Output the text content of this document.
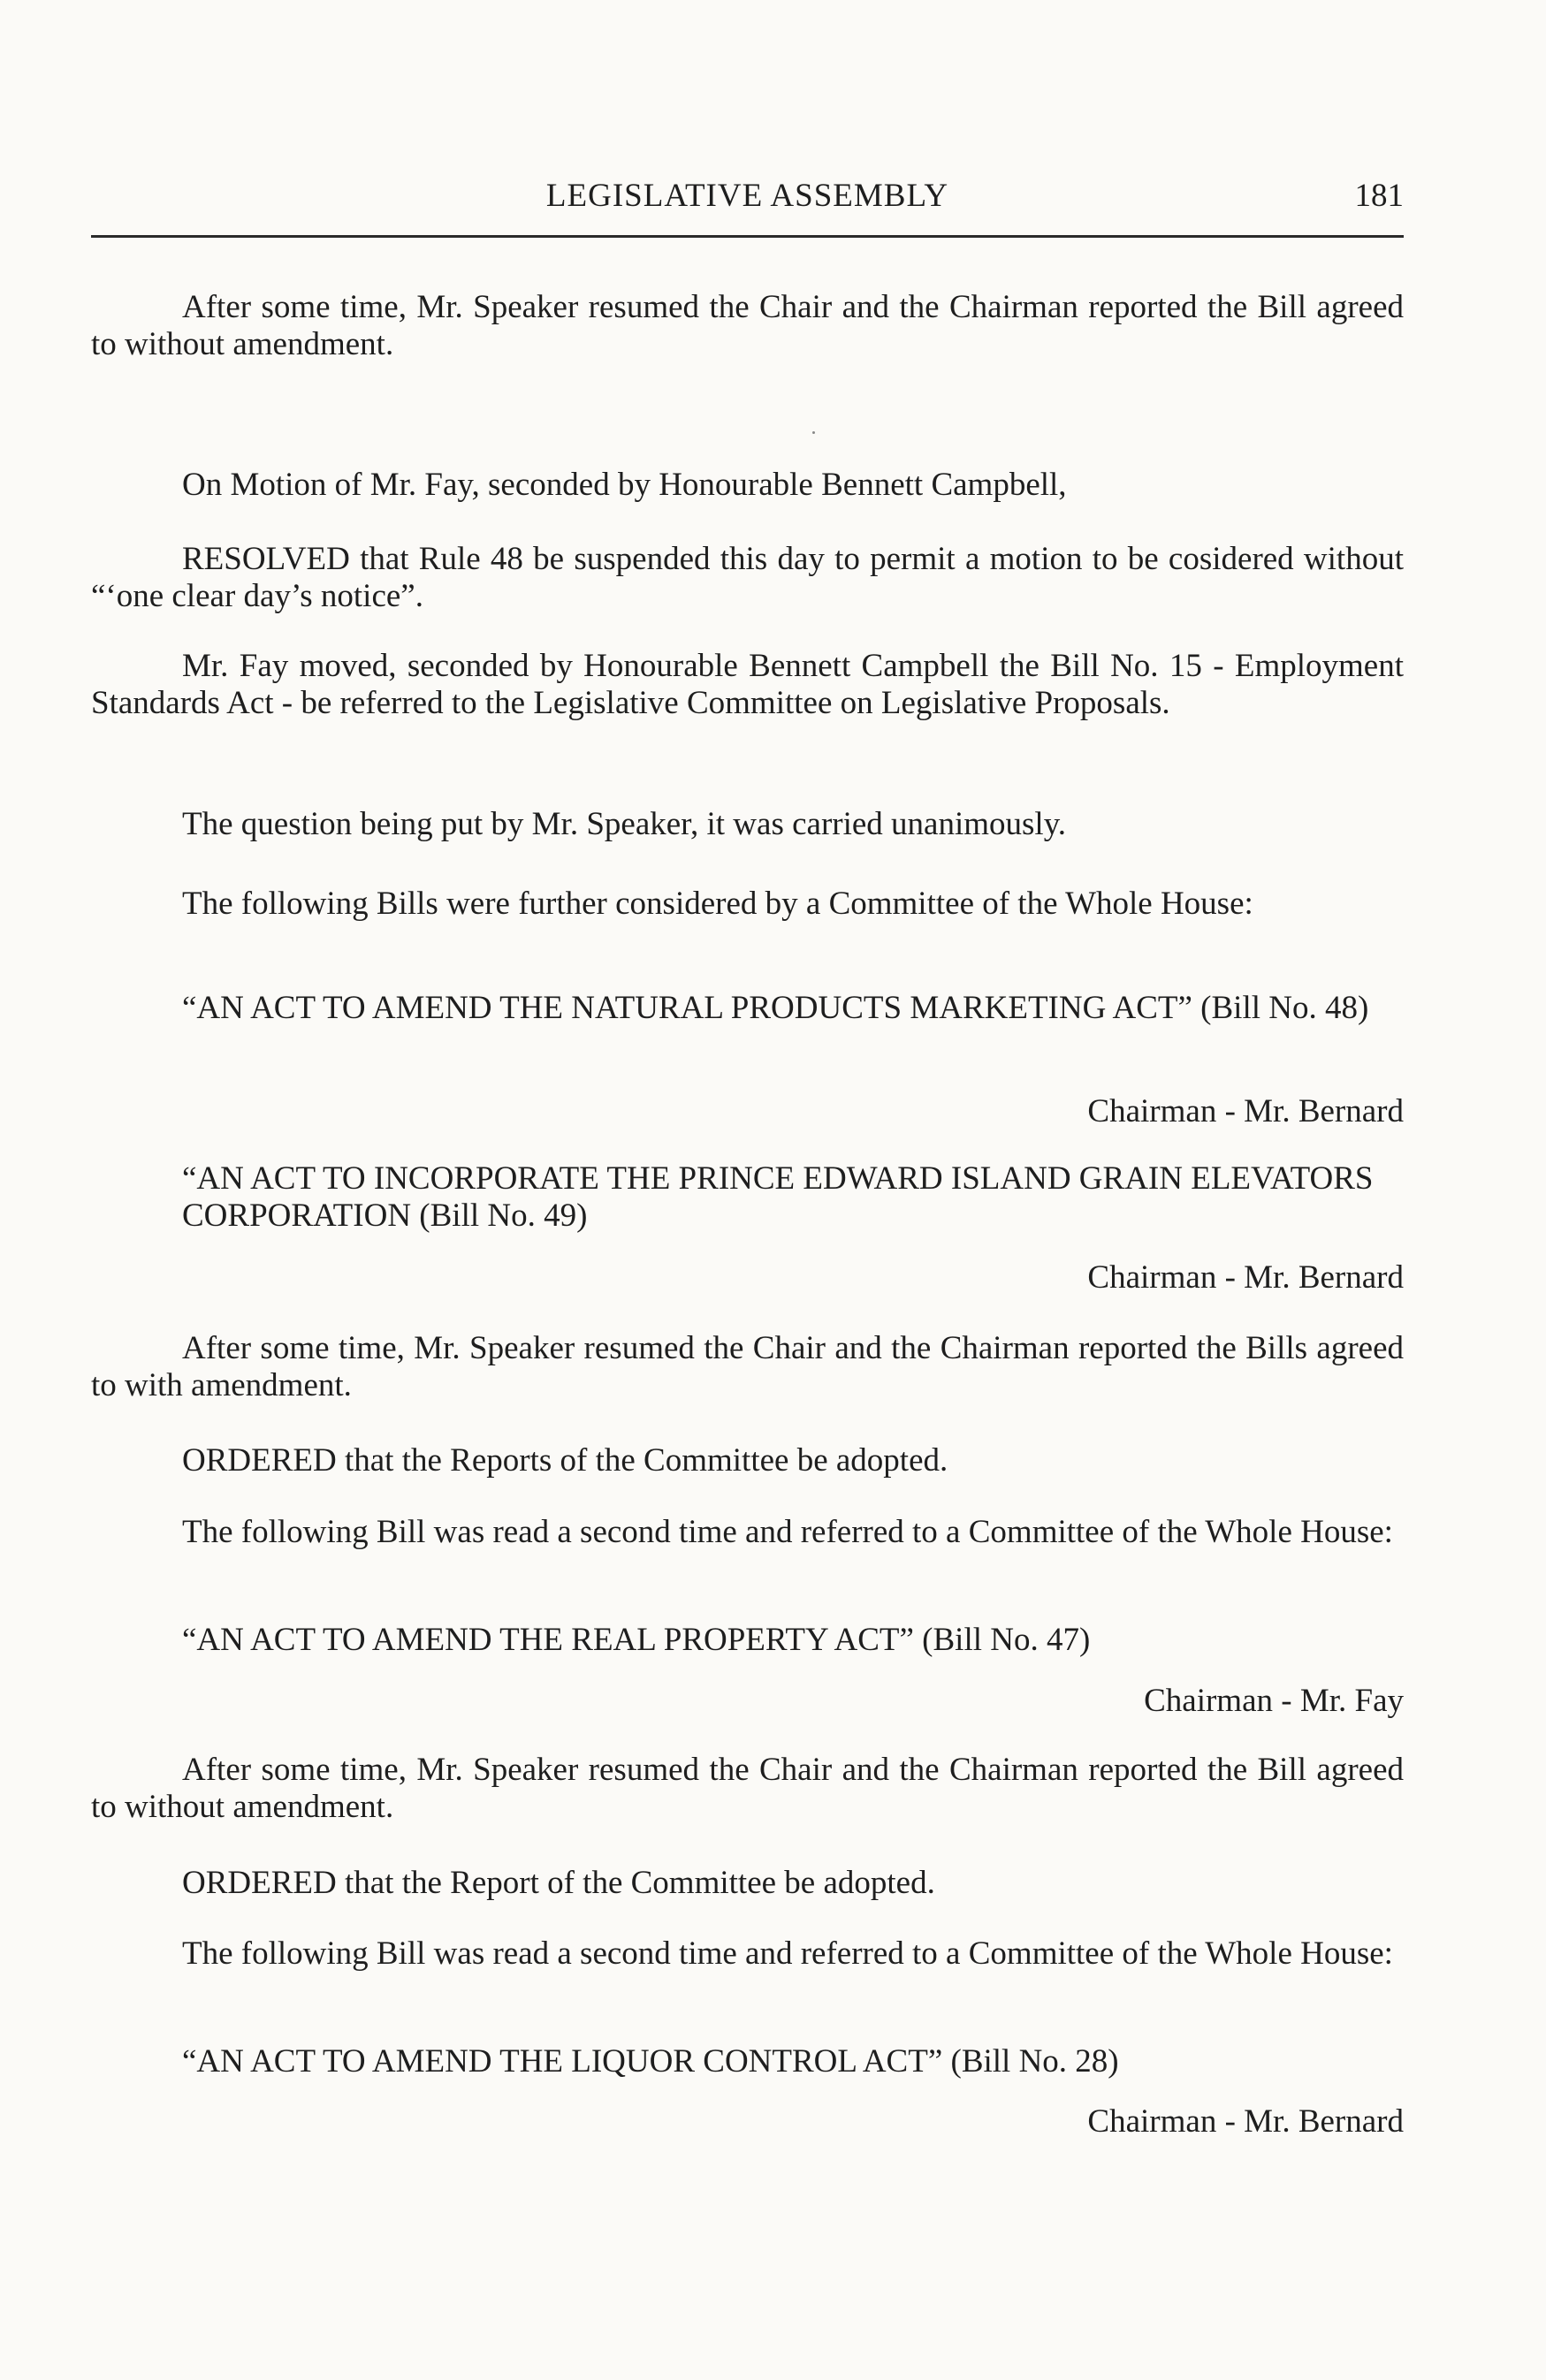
LEGISLATIVE ASSEMBLY	181

After some time, Mr. Speaker resumed the Chair and the Chairman reported the Bill agreed to without amendment.

On Motion of Mr. Fay, seconded by Honourable Bennett Campbell,

RESOLVED that Rule 48 be suspended this day to permit a motion to be cosidered without “‘one clear day’s notice”.

Mr. Fay moved, seconded by Honourable Bennett Campbell the Bill No. 15 - Employment Standards Act - be referred to the Legislative Committee on Legislative Proposals.

The question being put by Mr. Speaker, it was carried unanimously.

The following Bills were further considered by a Committee of the Whole House:

“AN ACT TO AMEND THE NATURAL PRODUCTS MARKETING ACT” (Bill No. 48)

Chairman - Mr. Bernard

“AN ACT TO INCORPORATE THE PRINCE EDWARD ISLAND GRAIN ELEVATORS CORPORATION (Bill No. 49)

Chairman - Mr. Bernard

After some time, Mr. Speaker resumed the Chair and the Chairman reported the Bills agreed to with amendment.

ORDERED that the Reports of the Committee be adopted.

The following Bill was read a second time and referred to a Committee of the Whole House:

“AN ACT TO AMEND THE REAL PROPERTY ACT” (Bill No. 47)

Chairman - Mr. Fay

After some time, Mr. Speaker resumed the Chair and the Chairman reported the Bill agreed to without amendment.

ORDERED that the Report of the Committee be adopted.

The following Bill was read a second time and referred to a Committee of the Whole House:

“AN ACT TO AMEND THE LIQUOR CONTROL ACT” (Bill No. 28)

Chairman - Mr. Bernard
